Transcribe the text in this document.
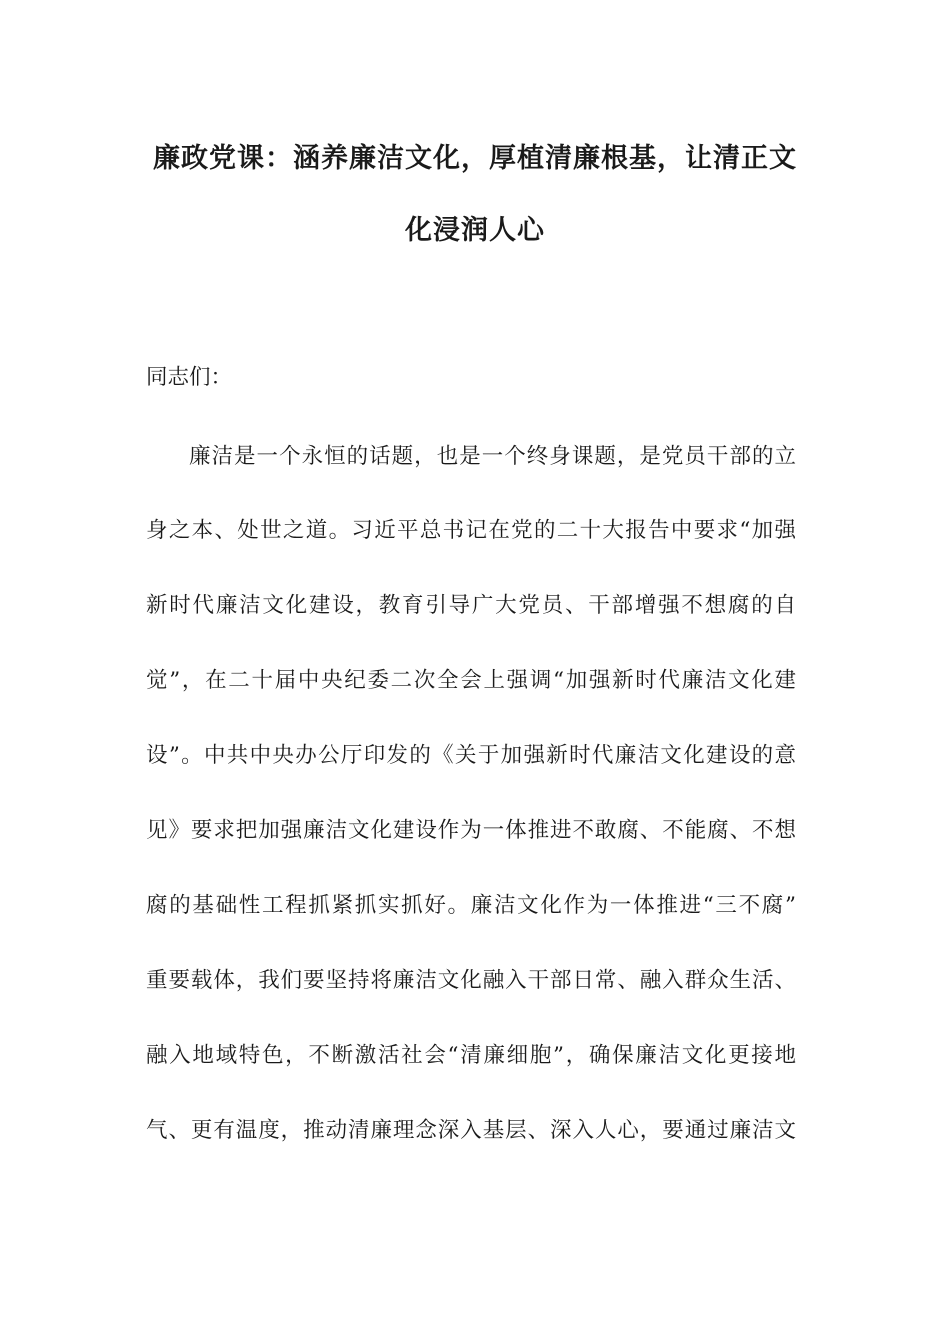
廉政党课：涵养廉洁文化，厚植清廉根基，让清正文
化浸润人心
同志们：
廉洁是一个永恒的话题，也是一个终身课题，是党员干部的立
身之本、处世之道。习近平总书记在党的二十大报告中要求“加强
新时代廉洁文化建设，教育引导广大党员、干部增强不想腐的自
觉”，在二十届中央纪委二次全会上强调“加强新时代廉洁文化建
设”。中共中央办公厅印发的《关于加强新时代廉洁文化建设的意
见》要求把加强廉洁文化建设作为一体推进不敢腐、不能腐、不想
腐的基础性工程抓紧抓实抓好。廉洁文化作为一体推进“三不腐”
重要载体，我们要坚持将廉洁文化融入干部日常、融入群众生活、
融入地域特色，不断激活社会“清廉细胞”，确保廉洁文化更接地
气、更有温度，推动清廉理念深入基层、深入人心，要通过廉洁文
